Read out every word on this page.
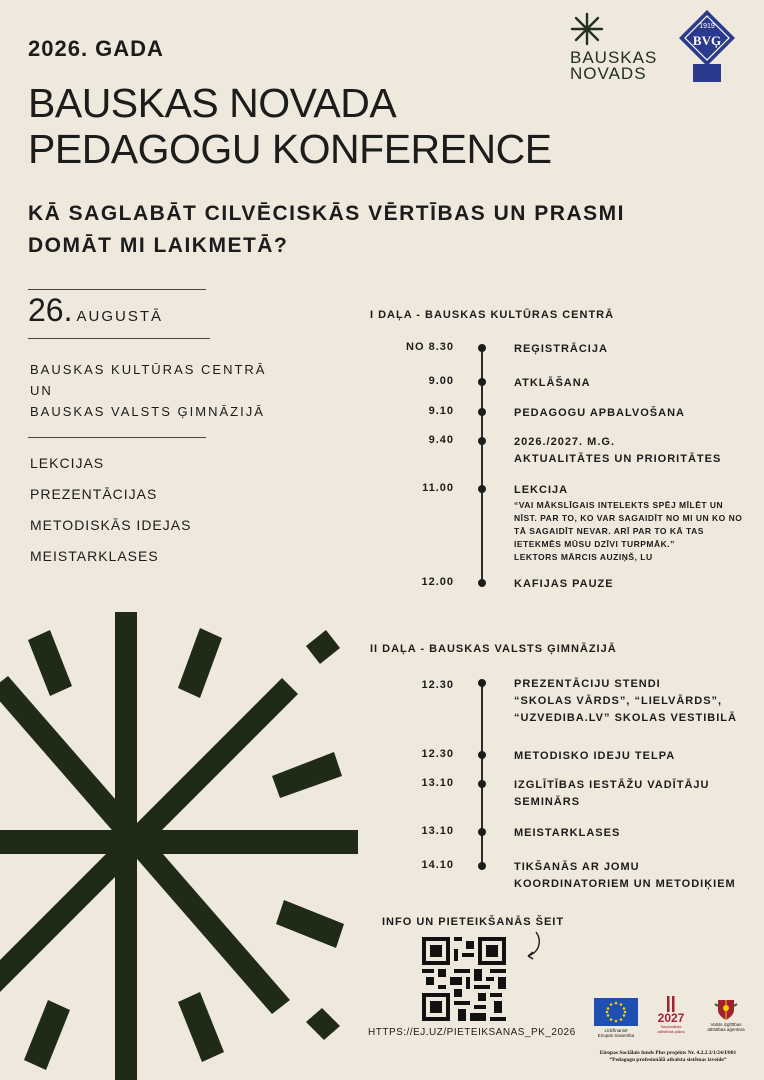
2026. GADA
BAUSKAS NOVADA
PEDAGOGU KONFERENCE
KĀ SAGLABĀT CILVĒCISKĀS VĒRTĪBAS UN PRASMI
DOMĀT MI LAIKMETĀ?
BAUSKAS
NOVADS
1919
BVĢ
26. AUGUSTĀ
BAUSKAS KULTŪRAS CENTRĀ
UN
BAUSKAS VALSTS ĢIMNĀZIJĀ
LEKCIJAS
PREZENTĀCIJAS
METODISKĀS IDEJAS
MEISTARKLASES
I DAĻA - BAUSKAS KULTŪRAS CENTRĀ
NO 8.30	REĢISTRĀCIJA
9.00	ATKLĀŠANA
9.10	PEDAGOGU APBALVOŠANA
9.40	2026./2027. M.G.
AKTUALITĀTES UN PRIORITĀTES
11.00	LEKCIJA
“VAI MĀKSLĪGAIS INTELEKTS SPĒJ MĪLĒT UN NĪST. PAR TO, KO VAR SAGAIDĪT NO MI UN KO NO TĀ SAGAIDĪT NEVAR. ARĪ PAR TO KĀ TAS IETEKMĒS MŪSU DZĪVI TURPMĀK.”
LEKTORS MĀRCIS AUZIŅŠ, LU
12.00	KAFIJAS PAUZE
II DAĻA - BAUSKAS VALSTS ĢIMNĀZIJĀ
12.30	PREZENTĀCIJU STENDI
“SKOLAS VĀRDS”, “LIELVĀRDS”,
“UZVEDIBA.LV” SKOLAS VESTIBILĀ
12.30	METODISKO IDEJU TELPA
13.10	IZGLĪTĪBAS IESTĀŽU VADĪTĀJU
SEMINĀRS
13.10	MEISTARKLASES
14.10	TIKŠANĀS AR JOMU
KOORDINATORIEM UN METODIĶIEM
INFO UN PIETEIKŠANĀS ŠEIT
HTTPS://EJ.UZ/PIETEIKSANAS_PK_2026	Līdzfinansē
Eiropas Savienība
2027
Nacionālais
attīstības plāns
Valsts izglītības
attīstības aģentūra
Eiropas Sociālais fonds Plus projekts Nr. 4.2.2.3/1/24/I/001
“Pedagogu profesionālā atbalsta sistēmas izveide”
